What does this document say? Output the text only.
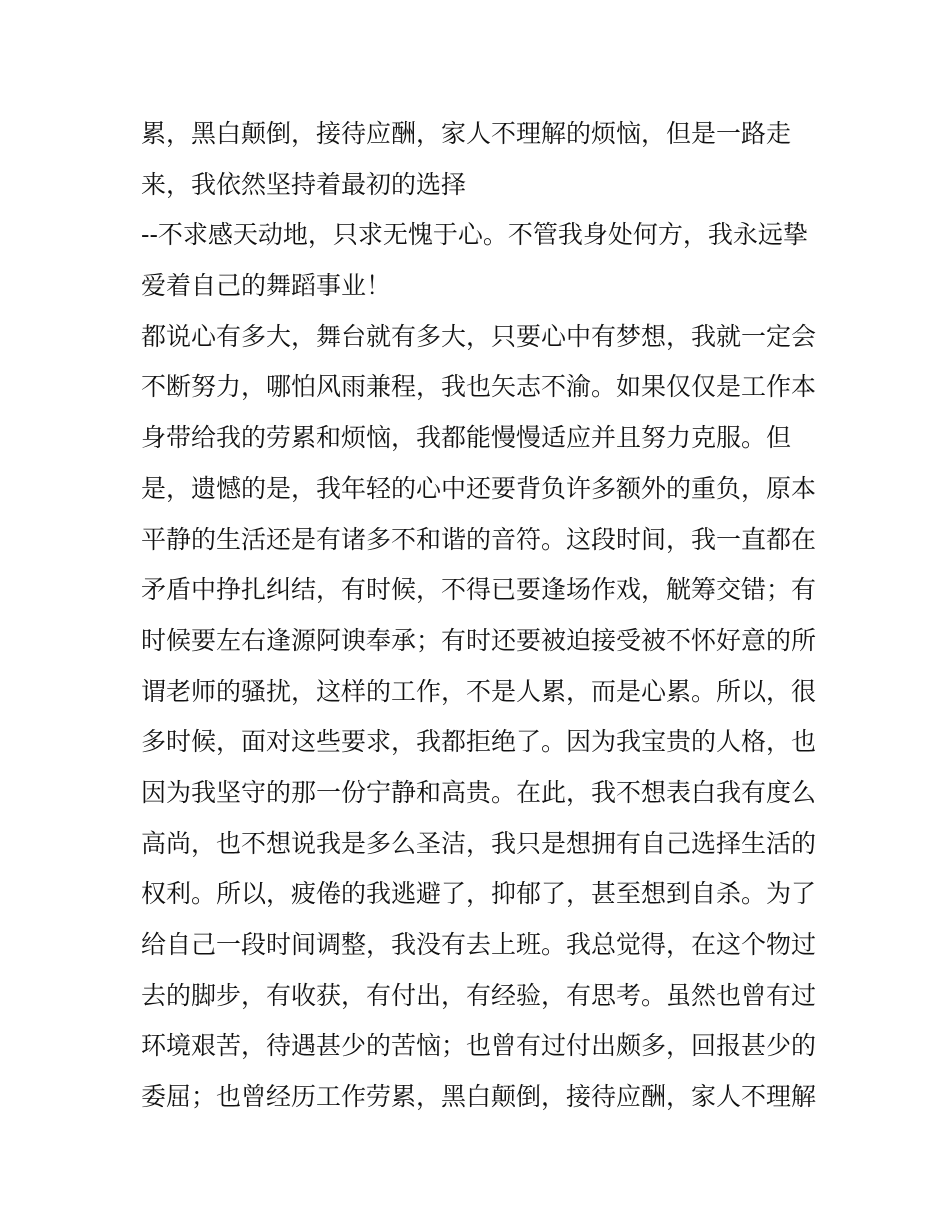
累，黑白颠倒，接待应酬，家人不理解的烦恼，但是一路走
来，我依然坚持着最初的选择
--不求感天动地，只求无愧于心。不管我身处何方，我永远挚
爱着自己的舞蹈事业！
都说心有多大，舞台就有多大，只要心中有梦想，我就一定会
不断努力，哪怕风雨兼程，我也矢志不渝。如果仅仅是工作本
身带给我的劳累和烦恼，我都能慢慢适应并且努力克服。但
是，遗憾的是，我年轻的心中还要背负许多额外的重负，原本
平静的生活还是有诸多不和谐的音符。这段时间，我一直都在
矛盾中挣扎纠结，有时候，不得已要逢场作戏，觥筹交错；有
时候要左右逢源阿谀奉承；有时还要被迫接受被不怀好意的所
谓老师的骚扰，这样的工作，不是人累，而是心累。所以，很
多时候，面对这些要求，我都拒绝了。因为我宝贵的人格，也
因为我坚守的那一份宁静和高贵。在此，我不想表白我有度么
高尚，也不想说我是多么圣洁，我只是想拥有自己选择生活的
权利。所以，疲倦的我逃避了，抑郁了，甚至想到自杀。为了
给自己一段时间调整，我没有去上班。我总觉得，在这个物过
去的脚步，有收获，有付出，有经验，有思考。虽然也曾有过
环境艰苦，待遇甚少的苦恼；也曾有过付出颇多，回报甚少的
委屈；也曾经历工作劳累，黑白颠倒，接待应酬，家人不理解
